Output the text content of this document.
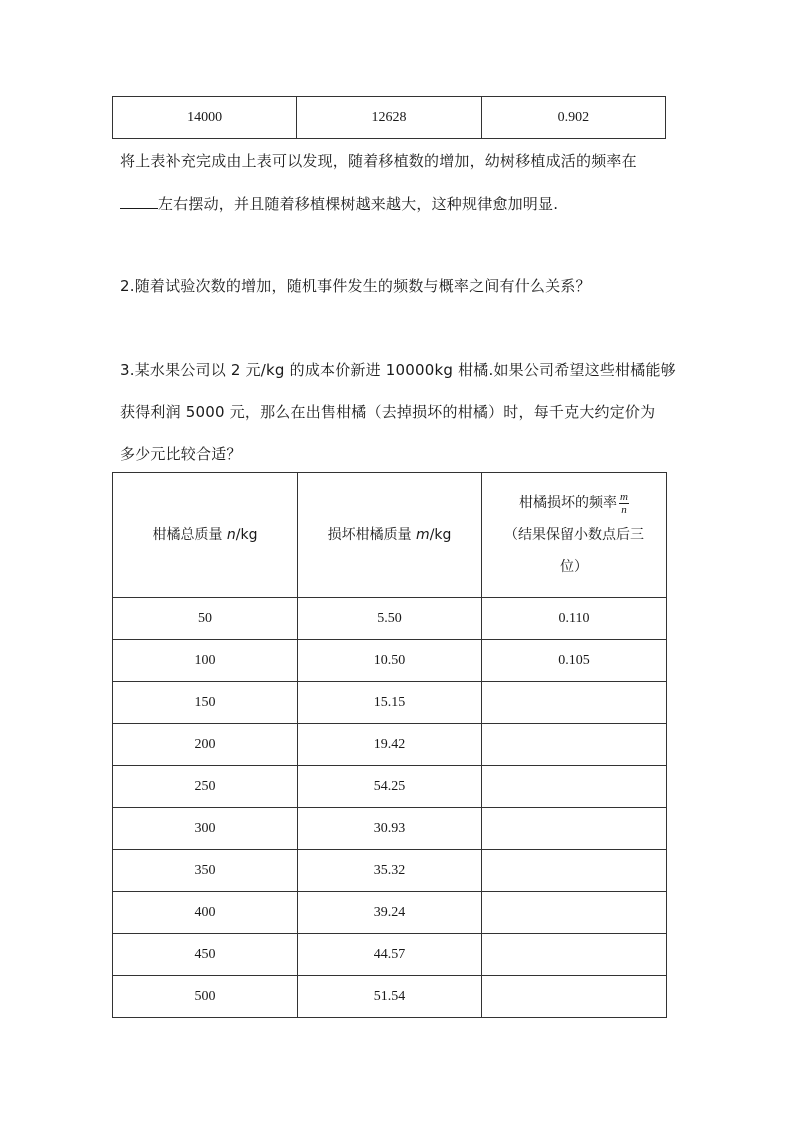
14000	12628	0.902
将上表补充完成由上表可以发现，随着移植数的增加，幼树移植成活的频率在
左右摆动，并且随着移植棵树越来越大，这种规律愈加明显.
2.随着试验次数的增加，随机事件发生的频数与概率之间有什么关系？
3.某水果公司以 2 元/kg 的成本价新进 10000kg 柑橘.如果公司希望这些柑橘能够
获得利润 5000 元，那么在出售柑橘（去掉损坏的柑橘）时，每千克大约定价为
多少元比较合适？
柑橘总质量 n/kg	损坏柑橘质量 m/kg	柑橘损坏的频率 $\frac{m}{n}$
（结果保留小数点后三
位）

50	5.50	0.110
100	10.50	0.105
150	15.15	
200	19.42	
250	54.25	
300	30.93	
350	35.32	
400	39.24	
450	44.57	
500	51.54	
